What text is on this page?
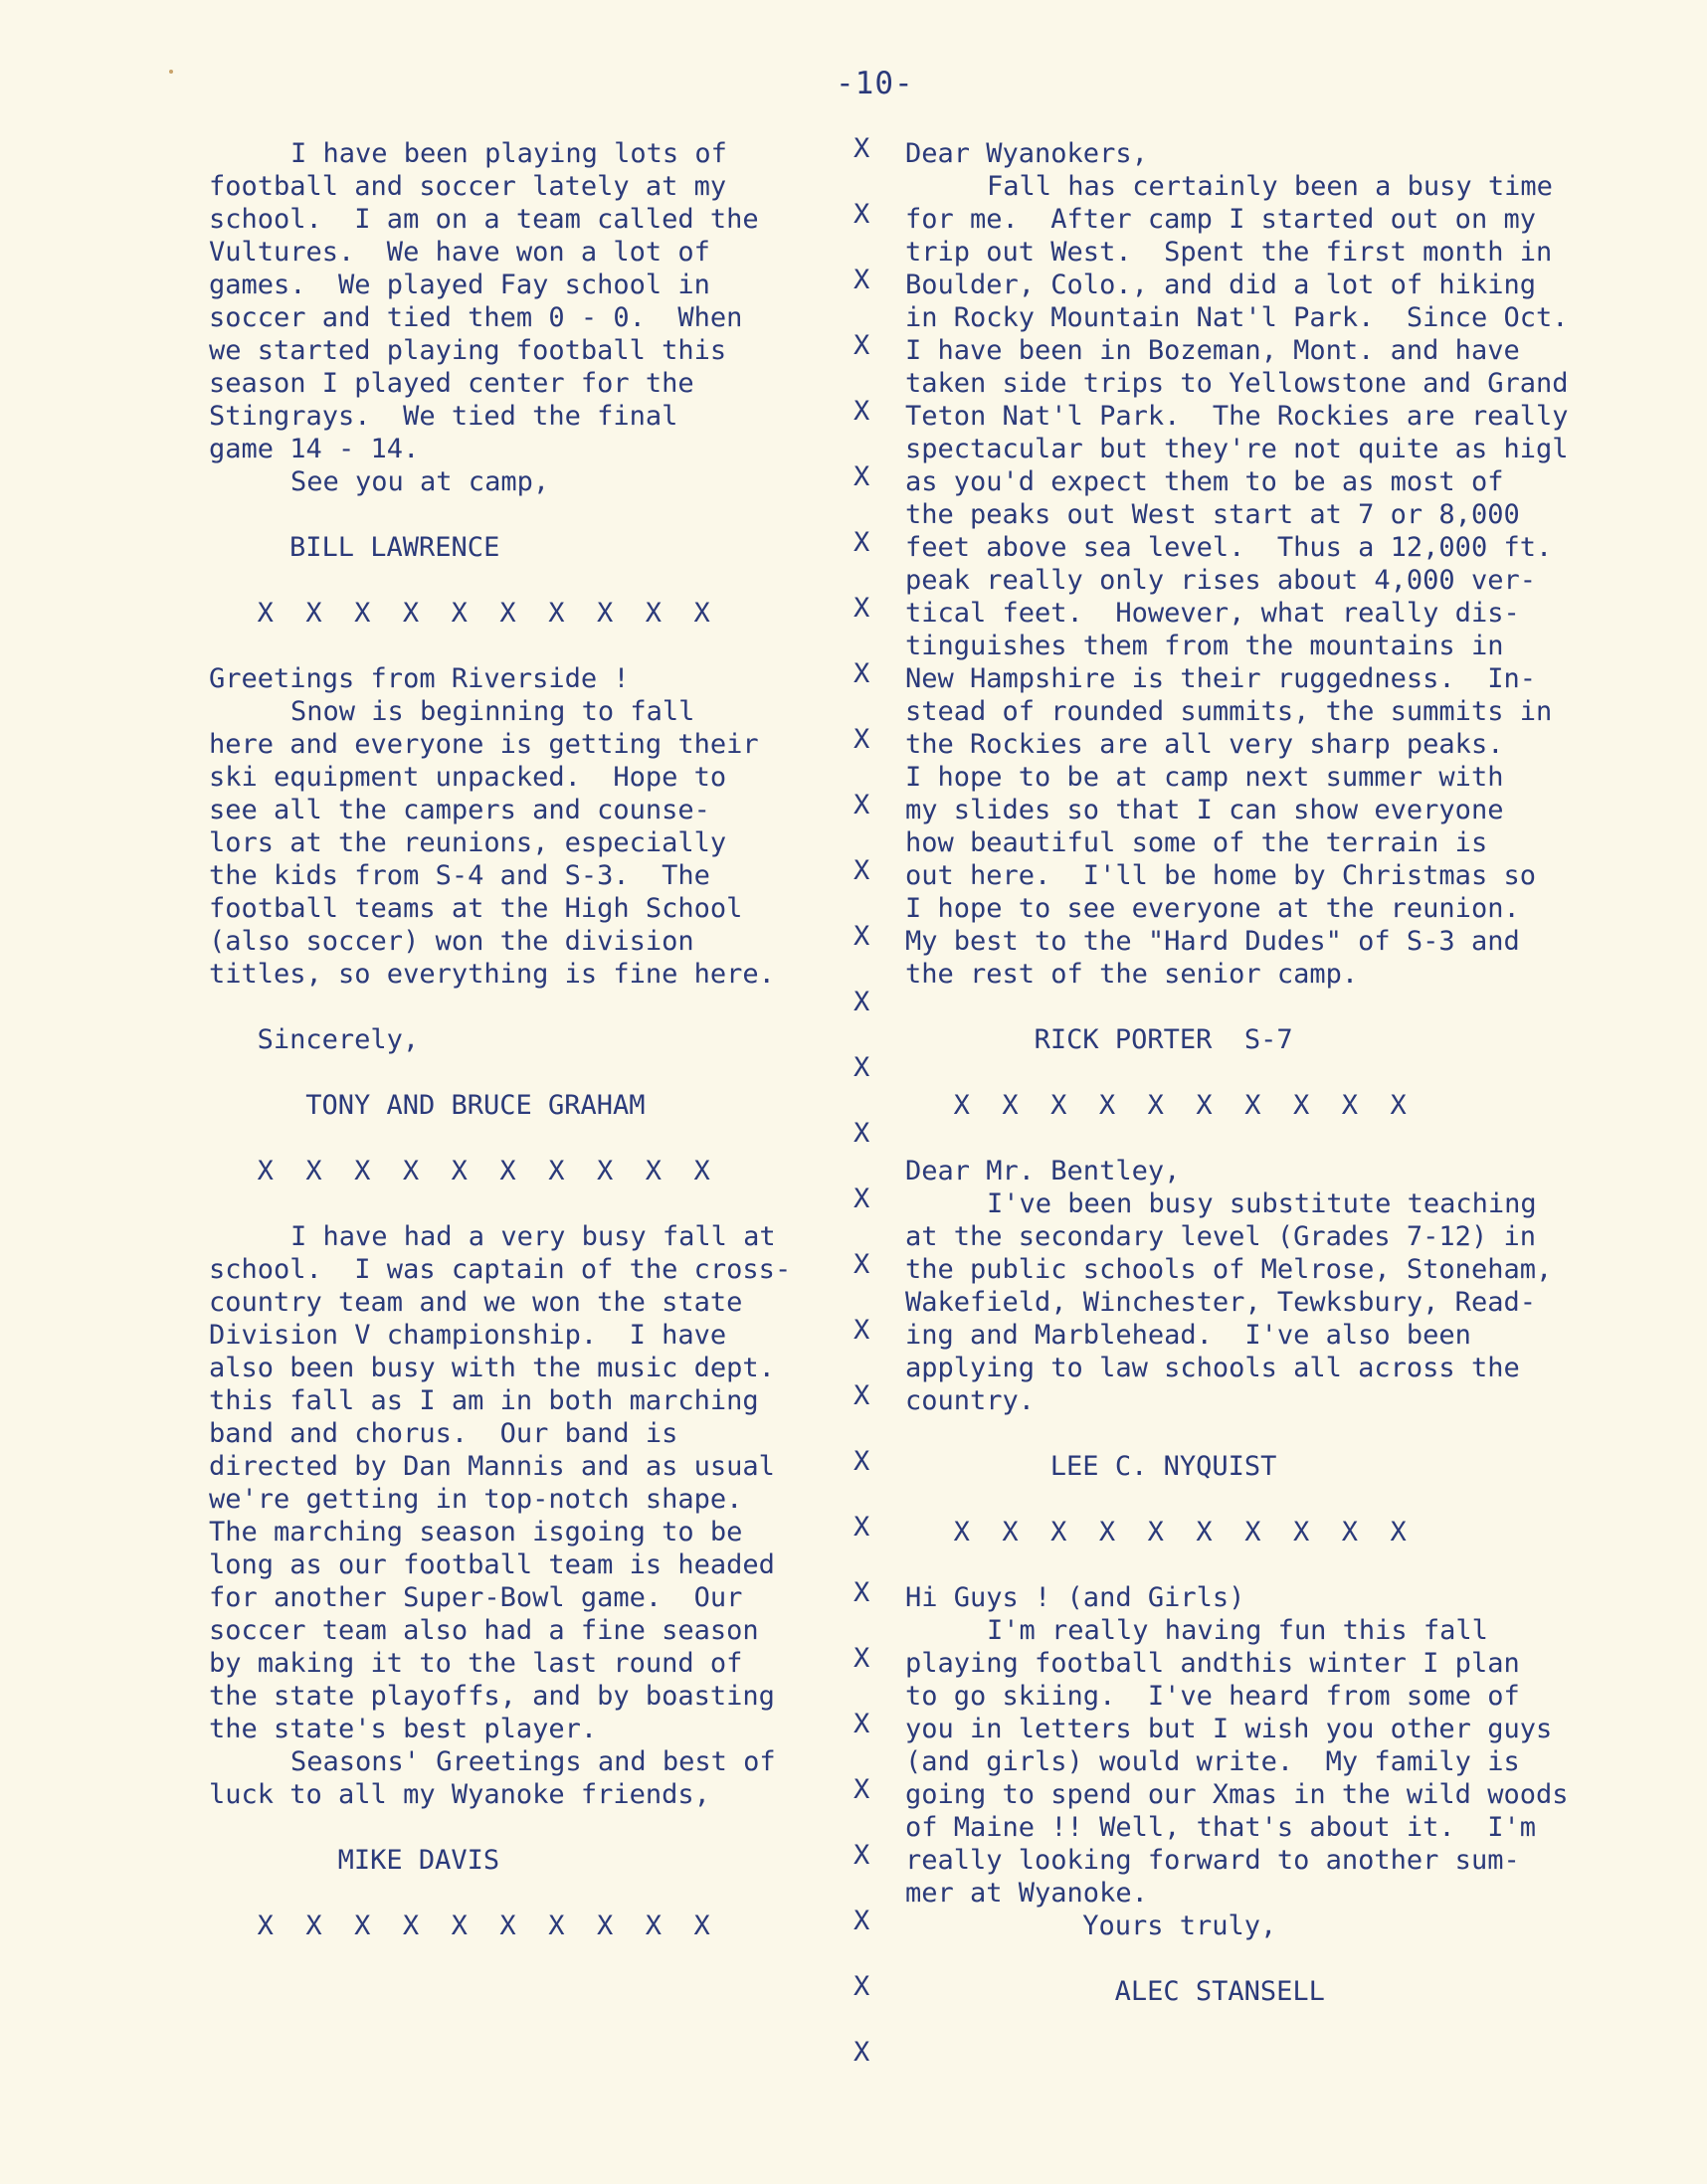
-10-
I have been playing lots of
football and soccer lately at my
school.  I am on a team called the
Vultures.  We have won a lot of
games.  We played Fay school in
soccer and tied them 0 - 0.  When
we started playing football this
season I played center for the
Stingrays.  We tied the final
game 14 - 14.
See you at camp,
BILL LAWRENCE
X  X  X  X  X  X  X  X  X  X
Greetings from Riverside !
Snow is beginning to fall
here and everyone is getting their
ski equipment unpacked.  Hope to
see all the campers and counse-
lors at the reunions, especially
the kids from S-4 and S-3.  The
football teams at the High School
(also soccer) won the division
titles, so everything is fine here.
Sincerely,
TONY AND BRUCE GRAHAM
X  X  X  X  X  X  X  X  X  X
I have had a very busy fall at
school.  I was captain of the cross-
country team and we won the state
Division V championship.  I have
also been busy with the music dept.
this fall as I am in both marching
band and chorus.  Our band is
directed by Dan Mannis and as usual
we're getting in top-notch shape.
The marching season isgoing to be
long as our football team is headed
for another Super-Bowl game.  Our
soccer team also had a fine season
by making it to the last round of
the state playoffs, and by boasting
the state's best player.
Seasons' Greetings and best of
luck to all my Wyanoke friends,
MIKE DAVIS
X  X  X  X  X  X  X  X  X  X
X
X
X
X
X
X
X
X
X
X
X
X
X
X
X
X
X
X
X
X
X
X
X
X
X
X
X
X
X
X
Dear Wyanokers,
Fall has certainly been a busy time
for me.  After camp I started out on my
trip out West.  Spent the first month in
Boulder, Colo., and did a lot of hiking
in Rocky Mountain Nat'l Park.  Since Oct.
I have been in Bozeman, Mont. and have
taken side trips to Yellowstone and Grand
Teton Nat'l Park.  The Rockies are really
spectacular but they're not quite as higl
as you'd expect them to be as most of
the peaks out West start at 7 or 8,000
feet above sea level.  Thus a 12,000 ft.
peak really only rises about 4,000 ver-
tical feet.  However, what really dis-
tinguishes them from the mountains in
New Hampshire is their ruggedness.  In-
stead of rounded summits, the summits in
the Rockies are all very sharp peaks.
I hope to be at camp next summer with
my slides so that I can show everyone
how beautiful some of the terrain is
out here.  I'll be home by Christmas so
I hope to see everyone at the reunion.
My best to the "Hard Dudes" of S-3 and
the rest of the senior camp.
RICK PORTER  S-7
X  X  X  X  X  X  X  X  X  X
Dear Mr. Bentley,
I've been busy substitute teaching
at the secondary level (Grades 7-12) in
the public schools of Melrose, Stoneham,
Wakefield, Winchester, Tewksbury, Read-
ing and Marblehead.  I've also been
applying to law schools all across the
country.
LEE C. NYQUIST
X  X  X  X  X  X  X  X  X  X
Hi Guys ! (and Girls)
I'm really having fun this fall
playing football andthis winter I plan
to go skiing.  I've heard from some of
you in letters but I wish you other guys
(and girls) would write.  My family is
going to spend our Xmas in the wild woods
of Maine !! Well, that's about it.  I'm
really looking forward to another sum-
mer at Wyanoke.
Yours truly,
ALEC STANSELL
